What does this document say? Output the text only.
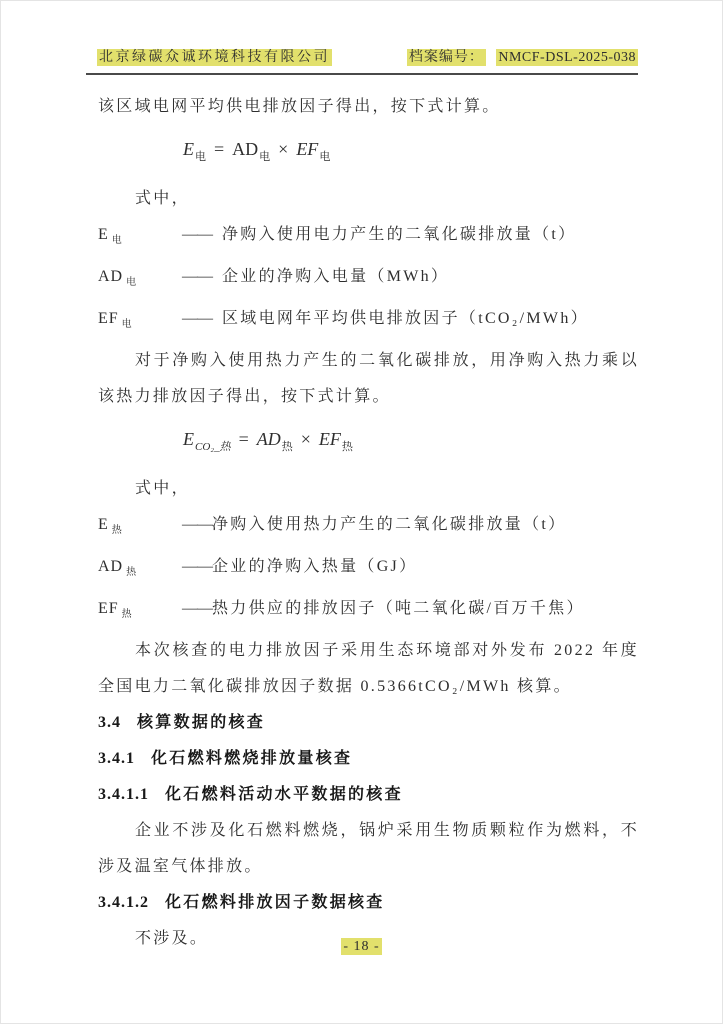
北京绿碳众诚环境科技有限公司	档案编号： NMCF-DSL-2025-038

该区域电网平均供电排放因子得出，按下式计算。

$E_电 = AD_电 \times EF_电$

式中，

E $_电$	—— 净购入使用电力产生的二氧化碳排放量（t）
AD $_电$	—— 企业的净购入电量（MWh）
EF $_电$	—— 区域电网年平均供电排放因子（tCO₂/MWh）

对于净购入使用热力产生的二氧化碳排放，用净购入热力乘以该热力排放因子得出，按下式计算。

$E_{CO_2\_热} = AD_热 \times EF_热$

式中，

E $_热$	—— 净购入使用热力产生的二氧化碳排放量（t）
AD $_热$	—— 企业的净购入热量（GJ）
EF $_热$	—— 热力供应的排放因子（吨二氧化碳/百万千焦）

本次核查的电力排放因子采用生态环境部对外发布 2022 年度全国电力二氧化碳排放因子数据 0.5366tCO₂/MWh 核算。

3.4 核算数据的核查

3.4.1 化石燃料燃烧排放量核查

3.4.1.1 化石燃料活动水平数据的核查

企业不涉及化石燃料燃烧，锅炉采用生物质颗粒作为燃料，不涉及温室气体排放。

3.4.1.2 化石燃料排放因子数据核查

不涉及。	- 18 -
